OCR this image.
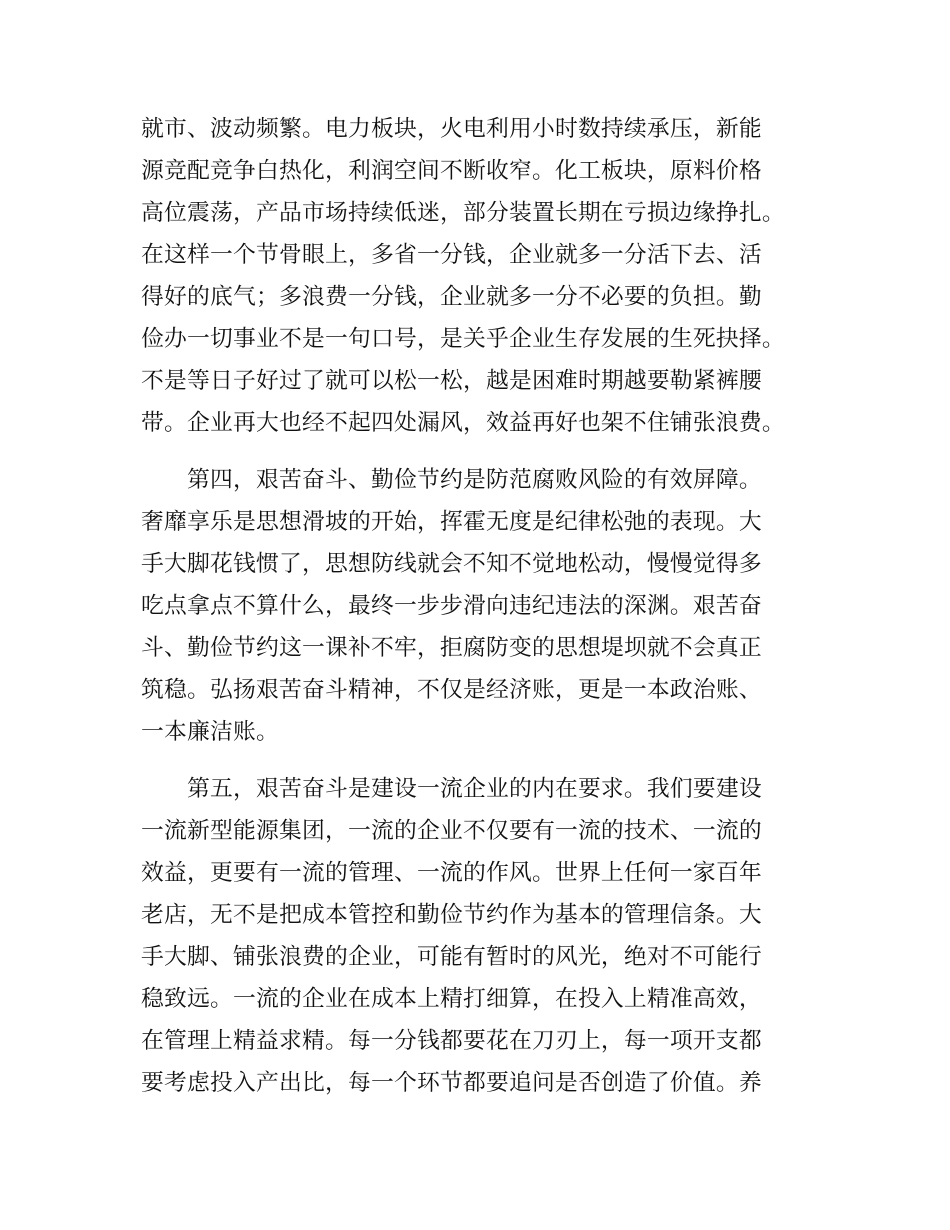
就市、波动频繁。电力板块，火电利用小时数持续承压，新能
源竞配竞争白热化，利润空间不断收窄。化工板块，原料价格
高位震荡，产品市场持续低迷，部分装置长期在亏损边缘挣扎。
在这样一个节骨眼上，多省一分钱，企业就多一分活下去、活
得好的底气；多浪费一分钱，企业就多一分不必要的负担。勤
俭办一切事业不是一句口号，是关乎企业生存发展的生死抉择。
不是等日子好过了就可以松一松，越是困难时期越要勒紧裤腰
带。企业再大也经不起四处漏风，效益再好也架不住铺张浪费。
　　第四，艰苦奋斗、勤俭节约是防范腐败风险的有效屏障。
奢靡享乐是思想滑坡的开始，挥霍无度是纪律松弛的表现。大
手大脚花钱惯了，思想防线就会不知不觉地松动，慢慢觉得多
吃点拿点不算什么，最终一步步滑向违纪违法的深渊。艰苦奋
斗、勤俭节约这一课补不牢，拒腐防变的思想堤坝就不会真正
筑稳。弘扬艰苦奋斗精神，不仅是经济账，更是一本政治账、
一本廉洁账。
　　第五，艰苦奋斗是建设一流企业的内在要求。我们要建设
一流新型能源集团，一流的企业不仅要有一流的技术、一流的
效益，更要有一流的管理、一流的作风。世界上任何一家百年
老店，无不是把成本管控和勤俭节约作为基本的管理信条。大
手大脚、铺张浪费的企业，可能有暂时的风光，绝对不可能行
稳致远。一流的企业在成本上精打细算，在投入上精准高效，
在管理上精益求精。每一分钱都要花在刀刃上，每一项开支都
要考虑投入产出比，每一个环节都要追问是否创造了价值。养
